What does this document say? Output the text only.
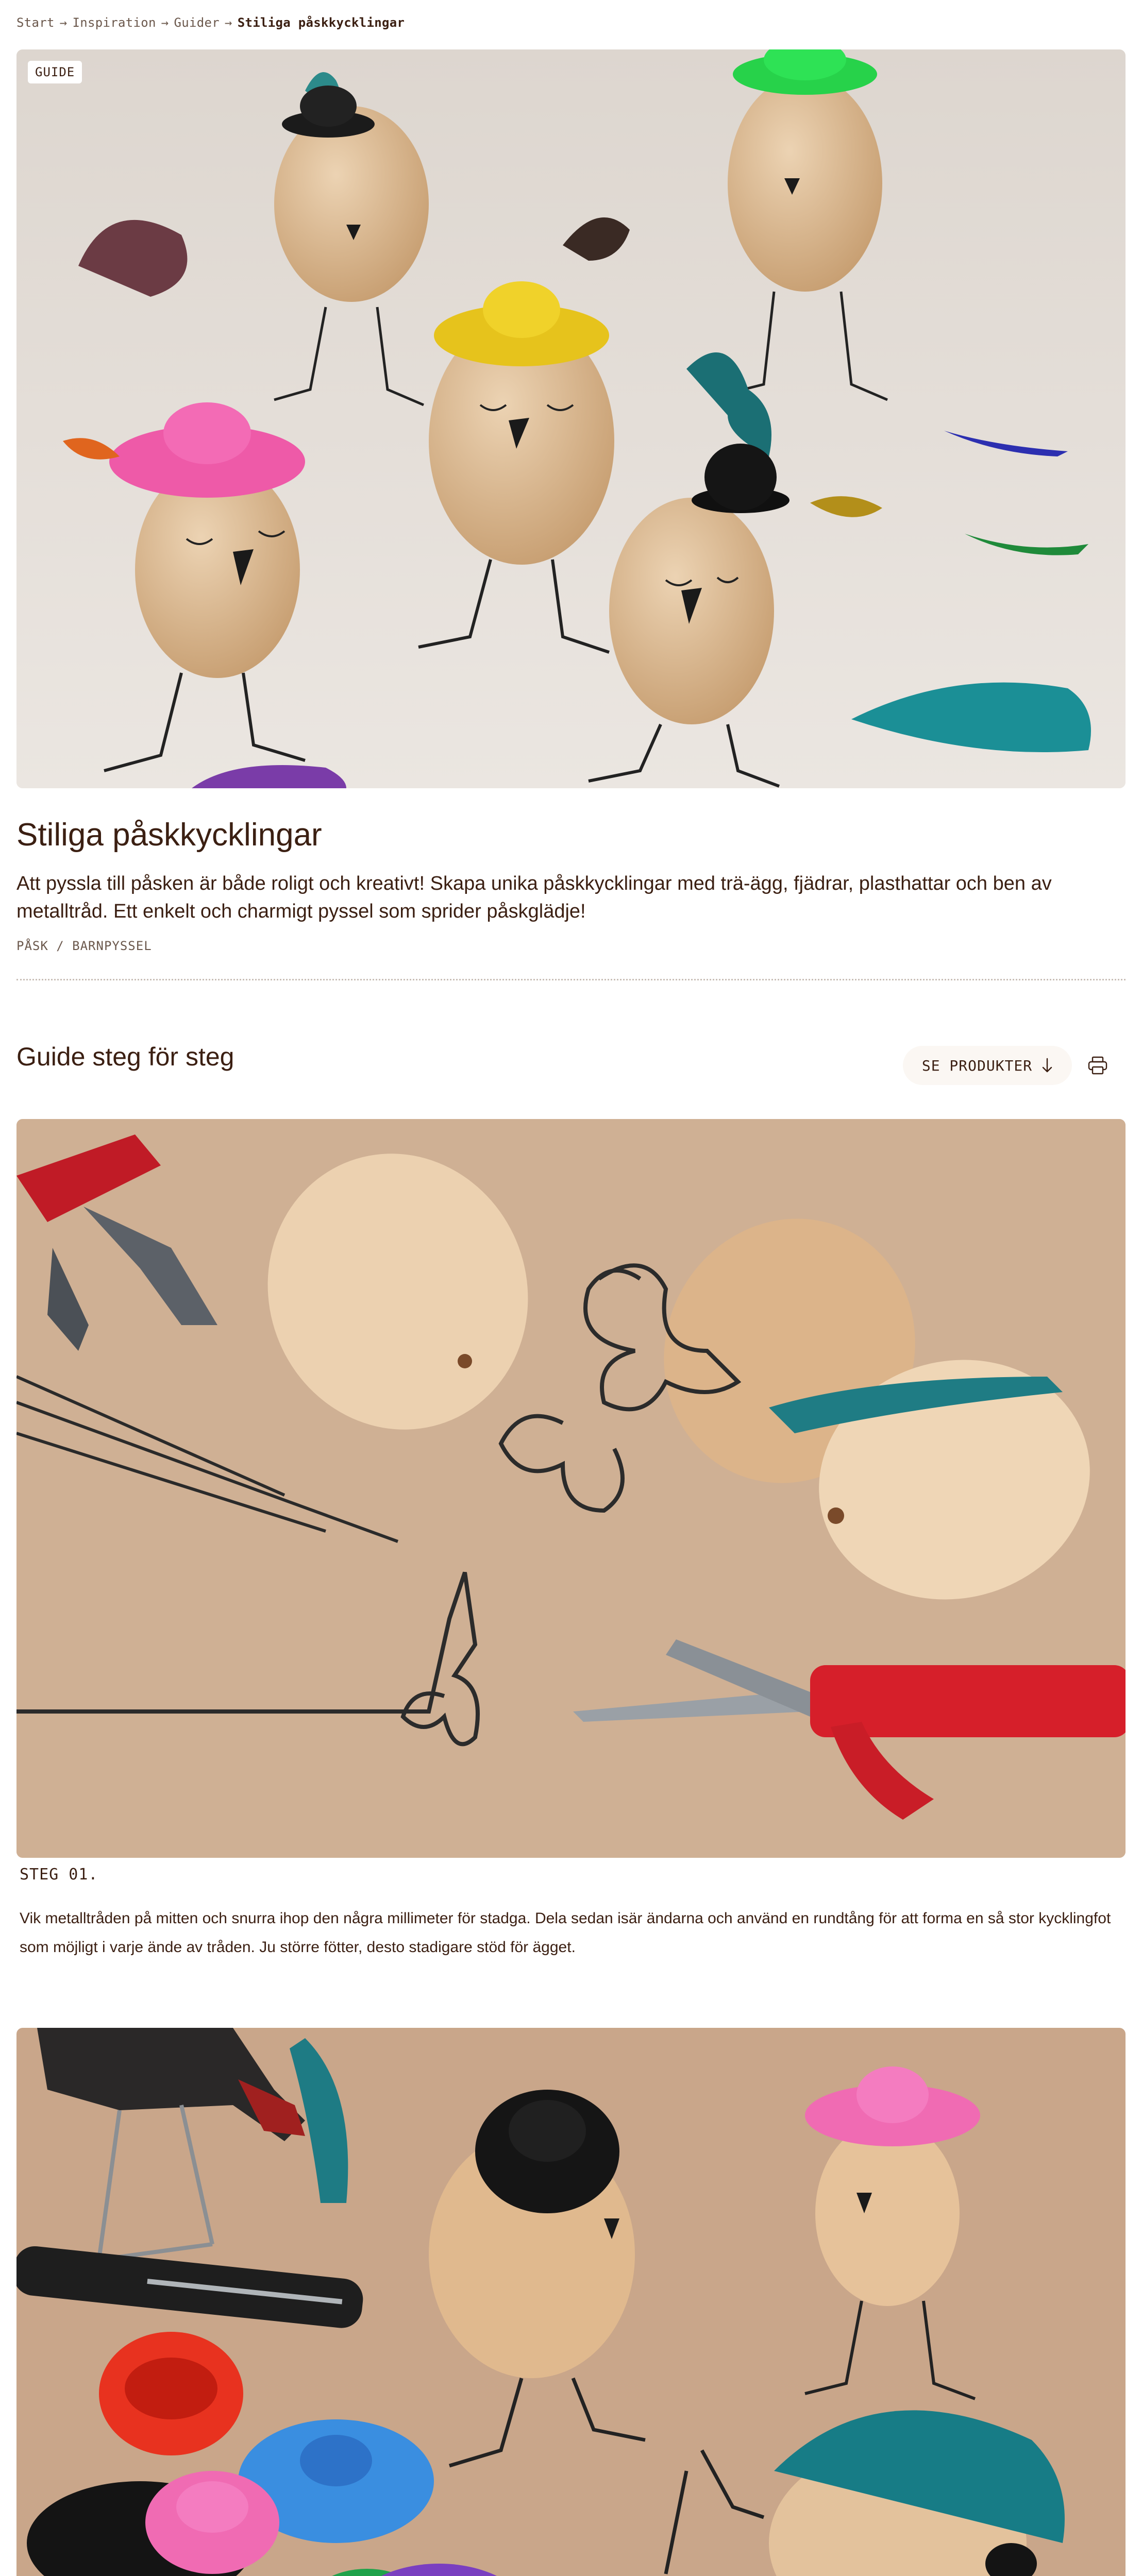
Start → Inspiration → Guider → Stiliga påskkycklingar
GUIDE
Stiliga påskkycklingar

Att pyssla till påsken är både roligt och kreativt! Skapa unika påskkycklingar med trä-ägg, fjädrar, plasthattar och ben av metalltråd. Ett enkelt och charmigt pyssel som sprider påskglädje!

PÅSK / BARNPYSSEL
Guide steg för steg	SE PRODUKTER
STEG 01.

Vik metalltråden på mitten och snurra ihop den några millimeter för stadga. Dela sedan isär ändarna och använd en rundtång för att forma en så stor kycklingfot som möjligt i varje ände av tråden. Ju större fötter, desto stadigare stöd för ägget.
